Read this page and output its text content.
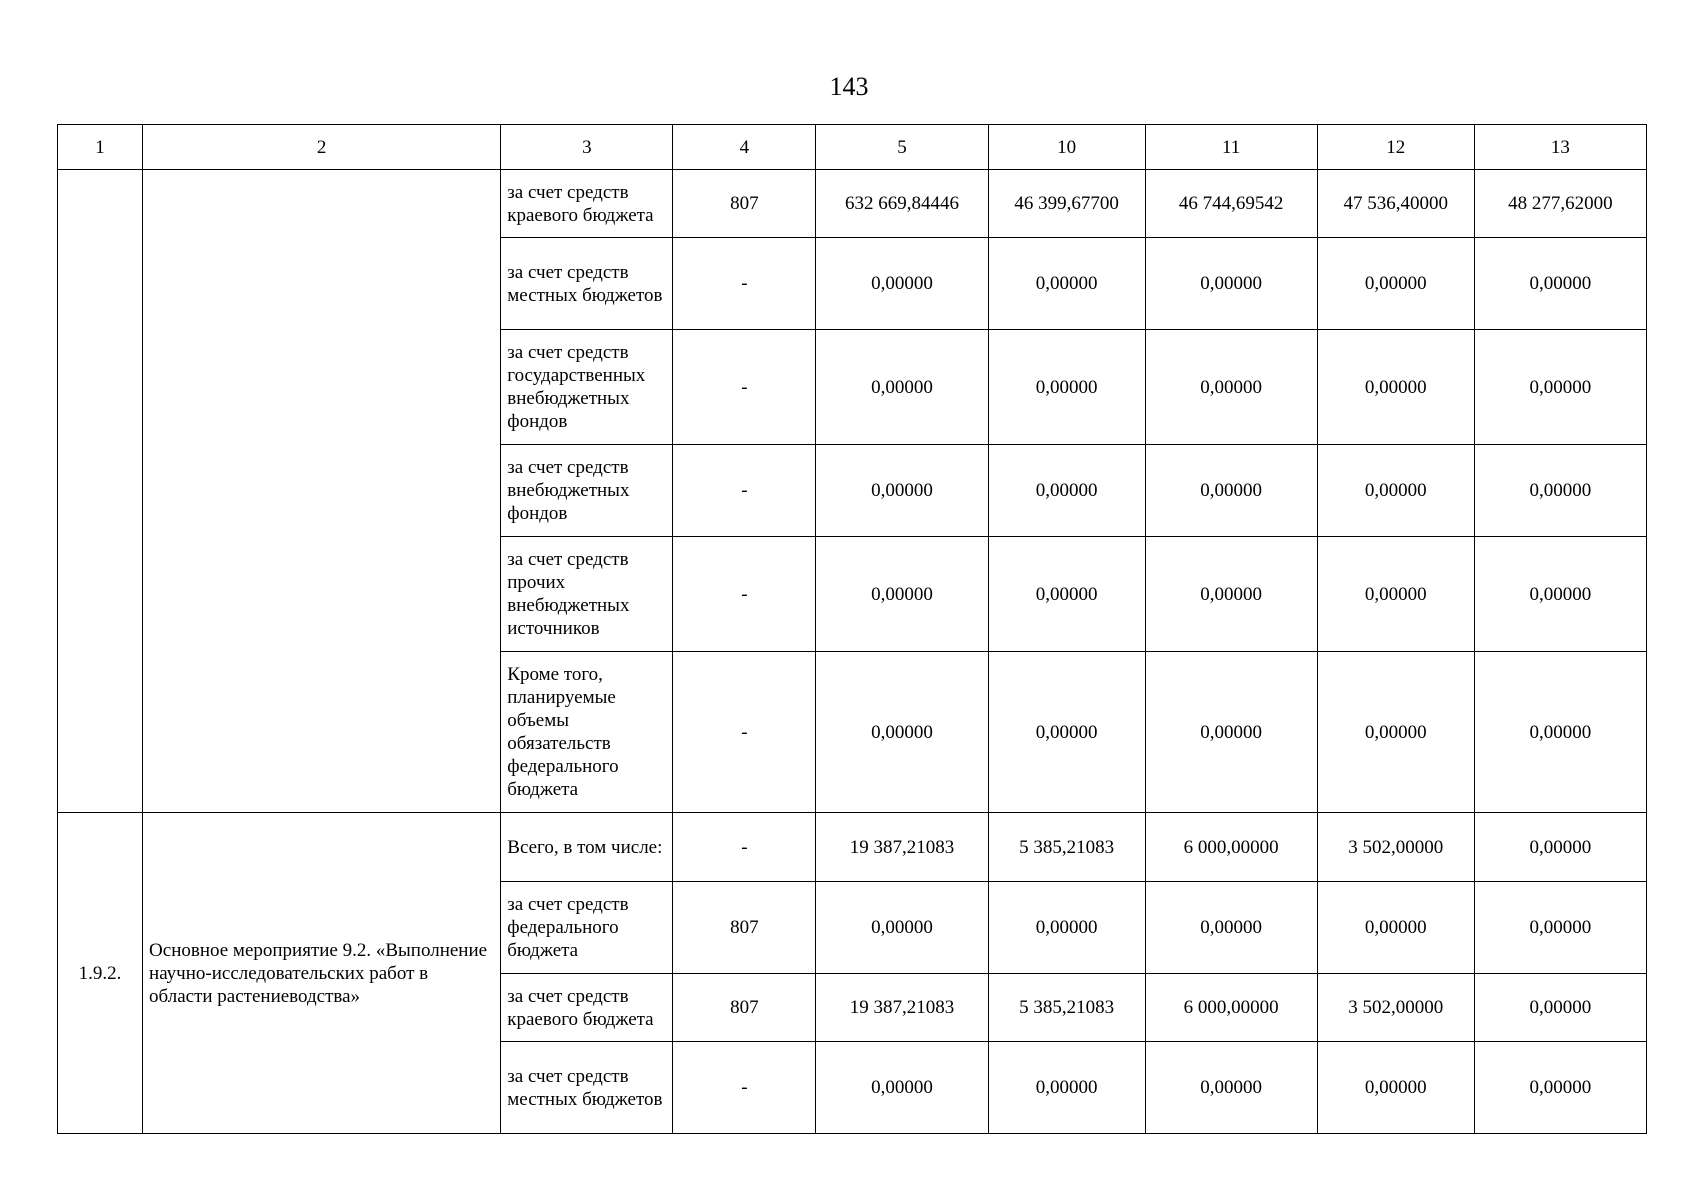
143
1	2	3	4	5	10	11	12	13
		за счет средств краевого бюджета	807	632 669,84446	46 399,67700	46 744,69542	47 536,40000	48 277,62000
		за счет средств местных бюджетов	-	0,00000	0,00000	0,00000	0,00000	0,00000
		за счет средств государственных внебюджетных фондов	-	0,00000	0,00000	0,00000	0,00000	0,00000
		за счет средств внебюджетных фондов	-	0,00000	0,00000	0,00000	0,00000	0,00000
		за счет средств прочих внебюджетных источников	-	0,00000	0,00000	0,00000	0,00000	0,00000
		Кроме того, планируемые объемы обязательств федерального бюджета	-	0,00000	0,00000	0,00000	0,00000	0,00000
1.9.2.	Основное мероприятие 9.2. «Выполнение научно-исследовательских работ в области растениеводства»	Всего, в том числе:	-	19 387,21083	5 385,21083	6 000,00000	3 502,00000	0,00000
		за счет средств федерального бюджета	807	0,00000	0,00000	0,00000	0,00000	0,00000
		за счет средств краевого бюджета	807	19 387,21083	5 385,21083	6 000,00000	3 502,00000	0,00000
		за счет средств местных бюджетов	-	0,00000	0,00000	0,00000	0,00000	0,00000
